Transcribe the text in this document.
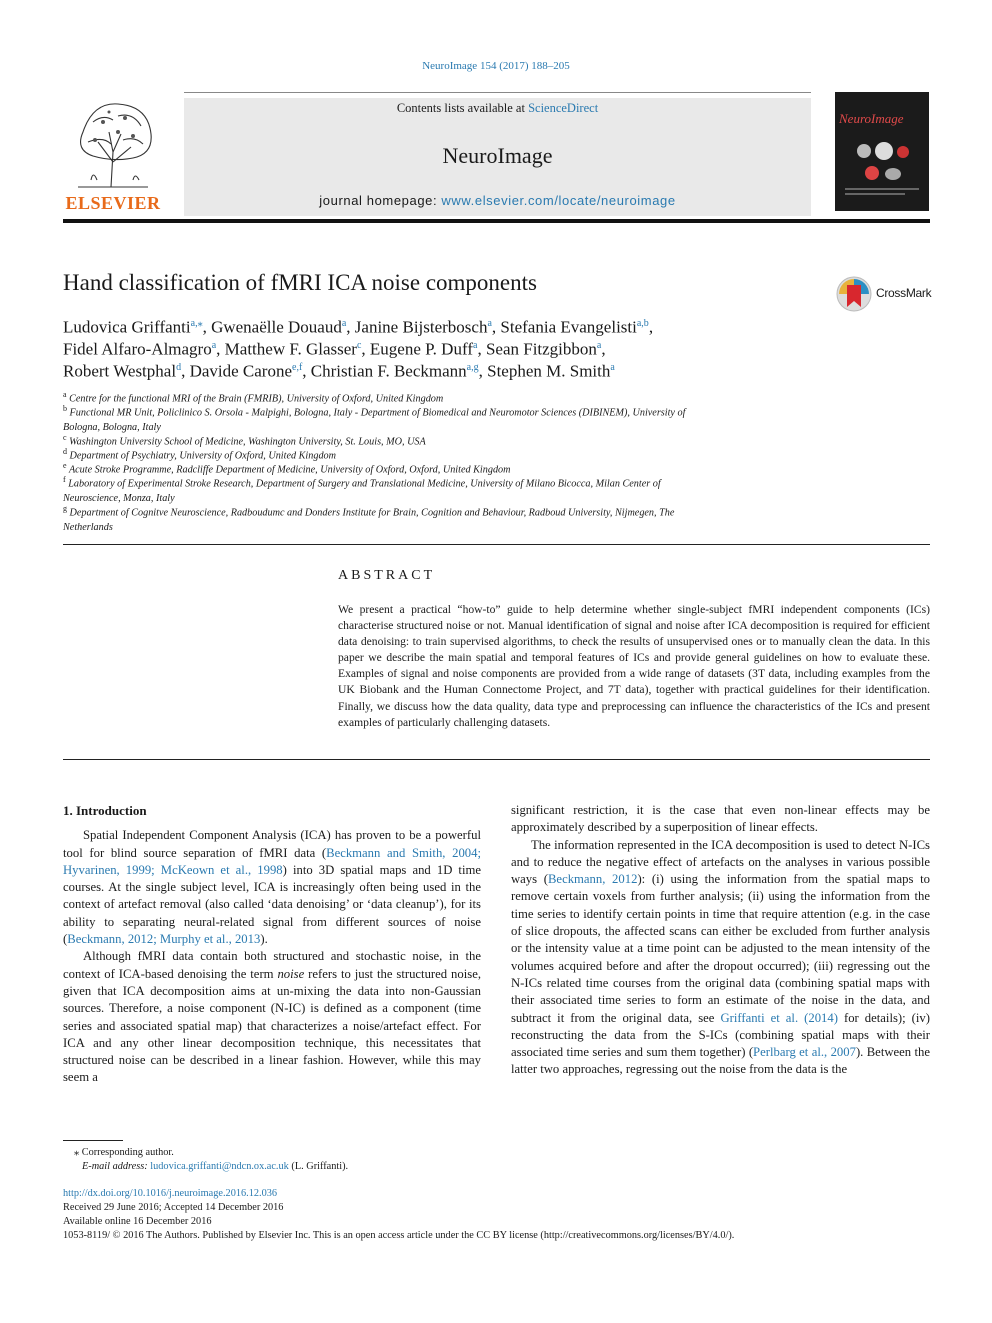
NeuroImage 154 (2017) 188–205
ELSEVIER
Contents lists available at ScienceDirect
NeuroImage
journal homepage: www.elsevier.com/locate/neuroimage
NeuroImage
Hand classification of fMRI ICA noise components	CrossMark
Ludovica Griffanti$^{a,⁎}$, Gwenaëlle Douaud$^a$, Janine Bijsterbosch$^a$, Stefania Evangelisti$^{a,b}$,
Fidel Alfaro-Almagro$^a$, Matthew F. Glasser$^c$, Eugene P. Duff$^a$, Sean Fitzgibbon$^a$,
Robert Westphal$^d$, Davide Carone$^{e,f}$, Christian F. Beckmann$^{a,g}$, Stephen M. Smith$^a$
$^a$ Centre for the functional MRI of the Brain (FMRIB), University of Oxford, United Kingdom
$^b$ Functional MR Unit, Policlinico S. Orsola - Malpighi, Bologna, Italy - Department of Biomedical and Neuromotor Sciences (DIBINEM), University of
Bologna, Bologna, Italy
$^c$ Washington University School of Medicine, Washington University, St. Louis, MO, USA
$^d$ Department of Psychiatry, University of Oxford, United Kingdom
$^e$ Acute Stroke Programme, Radcliffe Department of Medicine, University of Oxford, Oxford, United Kingdom
$^f$ Laboratory of Experimental Stroke Research, Department of Surgery and Translational Medicine, University of Milano Bicocca, Milan Center of
Neuroscience, Monza, Italy
$^g$ Department of Cognitve Neuroscience, Radboudumc and Donders Institute for Brain, Cognition and Behaviour, Radboud University, Nijmegen, The
Netherlands
ABSTRACT
We present a practical “how-to” guide to help determine whether single-subject fMRI independent components (ICs) characterise structured noise or not. Manual identification of signal and noise after ICA decomposition is required for efficient data denoising: to train supervised algorithms, to check the results of unsupervised ones or to manually clean the data. In this paper we describe the main spatial and temporal features of ICs and provide general guidelines on how to evaluate these. Examples of signal and noise components are provided from a wide range of datasets (3T data, including examples from the UK Biobank and the Human Connectome Project, and 7T data), together with practical guidelines for their identification. Finally, we discuss how the data quality, data type and preprocessing can influence the characteristics of the ICs and present examples of particularly challenging datasets.

1. Introduction

Spatial Independent Component Analysis (ICA) has proven to be a powerful tool for blind source separation of fMRI data (Beckmann and Smith, 2004; Hyvarinen, 1999; McKeown et al., 1998) into 3D spatial maps and 1D time courses. At the single subject level, ICA is increasingly often being used in the context of artefact removal (also called ‘data denoising’ or ‘data cleanup’), for its ability to separating neural-related signal from different sources of noise (Beckmann, 2012; Murphy et al., 2013).

Although fMRI data contain both structured and stochastic noise, in the context of ICA-based denoising the term noise refers to just the structured noise, given that ICA decomposition aims at un-mixing the data into non-Gaussian sources. Therefore, a noise component (N-IC) is defined as a component (time series and associated spatial map) that characterizes a noise/artefact effect. For ICA and any other linear decomposition technique, this necessitates that structured noise can be described in a linear fashion. However, while this may seem a

significant restriction, it is the case that even non-linear effects may be approximately described by a superposition of linear effects.

The information represented in the ICA decomposition is used to detect N-ICs and to reduce the negative effect of artefacts on the analyses in various possible ways (Beckmann, 2012): (i) using the information from the spatial maps to remove certain voxels from further analysis; (ii) using the information from the time series to identify certain points in time that require attention (e.g. in the case of slice dropouts, the affected scans can either be excluded from further analysis or the intensity value at a time point can be adjusted to the mean intensity of the volumes acquired before and after the dropout occurred); (iii) regressing out the N-ICs related time courses from the original data (combining spatial maps with their associated time series to form an estimate of the noise in the data, and subtract it from the original data, see Griffanti et al. (2014) for details); (iv) reconstructing the data from the S-ICs (combining spatial maps with their associated time series and sum them together) (Perlbarg et al., 2007). Between the latter two approaches, regressing out the noise from the data is the

⁎ Corresponding author.
E-mail address: ludovica.griffanti@ndcn.ox.ac.uk (L. Griffanti).
http://dx.doi.org/10.1016/j.neuroimage.2016.12.036
Received 29 June 2016; Accepted 14 December 2016
Available online 16 December 2016
1053-8119/ © 2016 The Authors. Published by Elsevier Inc. This is an open access article under the CC BY license (http://creativecommons.org/licenses/BY/4.0/).
